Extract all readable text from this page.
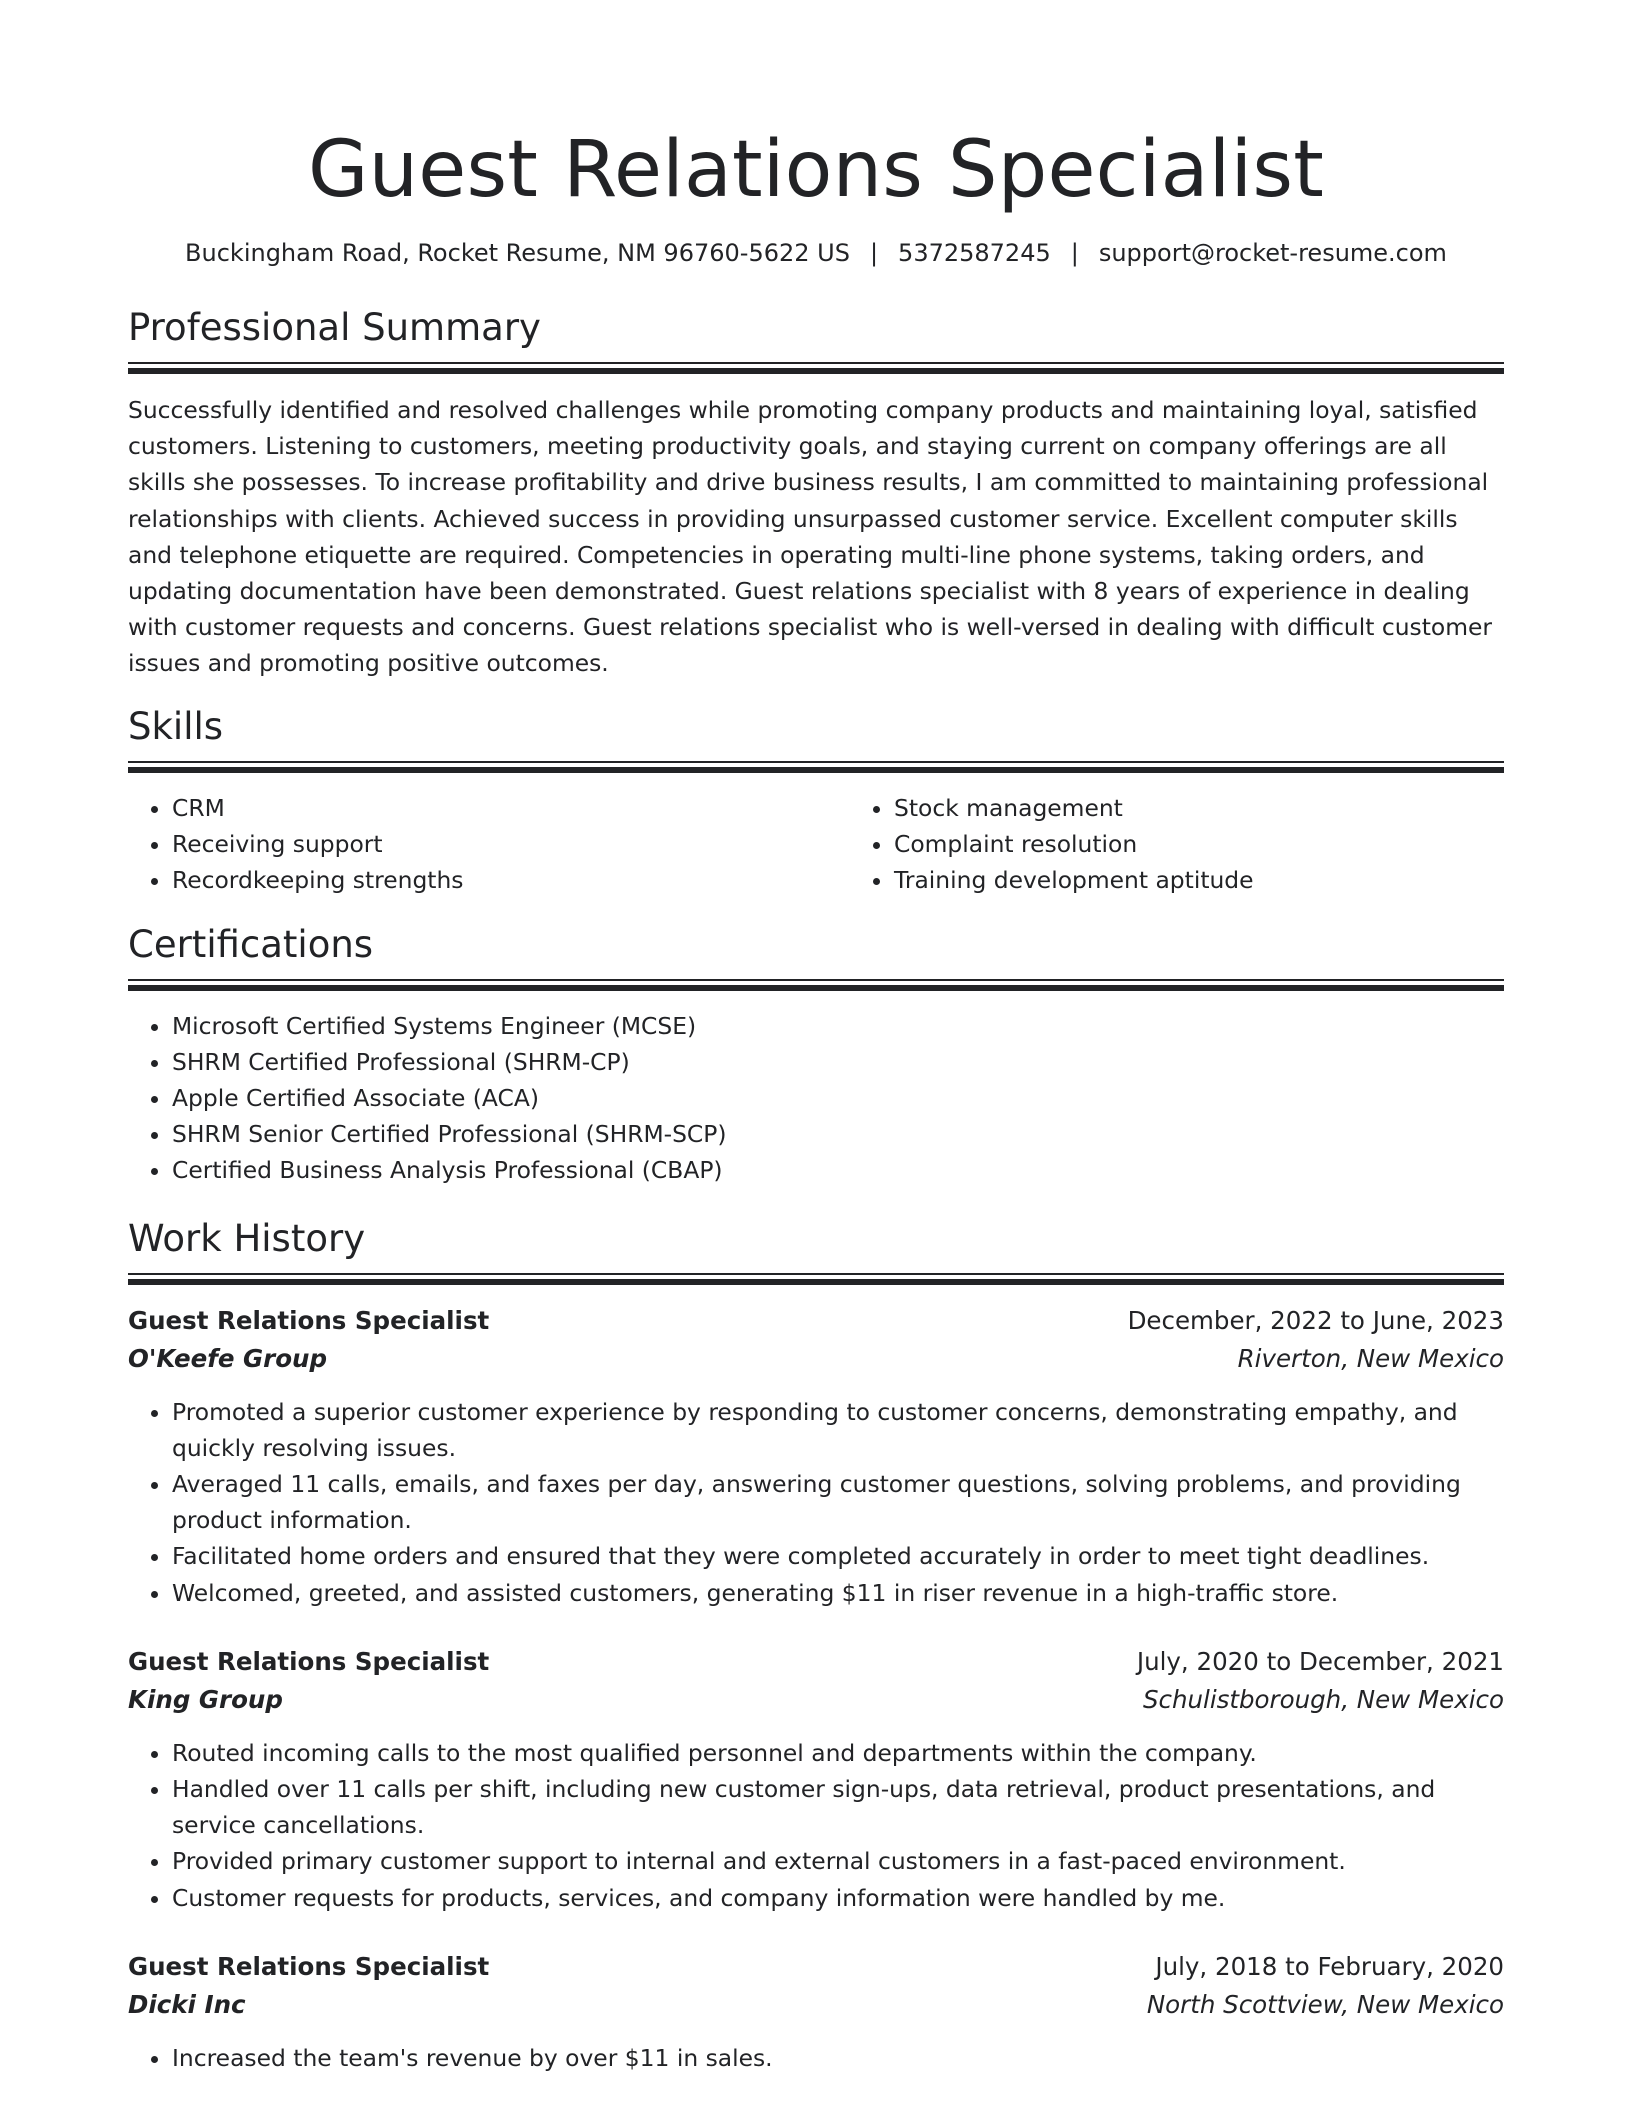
Guest Relations Specialist
Buckingham Road, Rocket Resume, NM 96760-5622 US | 5372587245 | support@rocket-resume.com
Professional Summary

Successfully identified and resolved challenges while promoting company products and maintaining loyal, satisfied customers. Listening to customers, meeting productivity goals, and staying current on company offerings are all skills she possesses. To increase profitability and drive business results, I am committed to maintaining professional relationships with clients. Achieved success in providing unsurpassed customer service. Excellent computer skills and telephone etiquette are required. Competencies in operating multi-line phone systems, taking orders, and updating documentation have been demonstrated. Guest relations specialist with 8 years of experience in dealing with customer requests and concerns. Guest relations specialist who is well-versed in dealing with difficult customer issues and promoting positive outcomes.

Skills
• CRM
• Receiving support
• Recordkeeping strengths
• Stock management
• Complaint resolution
• Training development aptitude
Certifications
• Microsoft Certified Systems Engineer (MCSE)
• SHRM Certified Professional (SHRM-CP)
• Apple Certified Associate (ACA)
• SHRM Senior Certified Professional (SHRM-SCP)
• Certified Business Analysis Professional (CBAP)
Work History
Guest Relations Specialist	December, 2022 to June, 2023
O'Keefe Group	Riverton, New Mexico
• Promoted a superior customer experience by responding to customer concerns, demonstrating empathy, and quickly resolving issues.
• Averaged 11 calls, emails, and faxes per day, answering customer questions, solving problems, and providing product information.
• Facilitated home orders and ensured that they were completed accurately in order to meet tight deadlines.
• Welcomed, greeted, and assisted customers, generating $11 in riser revenue in a high-traffic store.
Guest Relations Specialist	July, 2020 to December, 2021
King Group	Schulistborough, New Mexico
• Routed incoming calls to the most qualified personnel and departments within the company.
• Handled over 11 calls per shift, including new customer sign-ups, data retrieval, product presentations, and service cancellations.
• Provided primary customer support to internal and external customers in a fast-paced environment.
• Customer requests for products, services, and company information were handled by me.
Guest Relations Specialist	July, 2018 to February, 2020
Dicki Inc	North Scottview, New Mexico
• Increased the team's revenue by over $11 in sales.
